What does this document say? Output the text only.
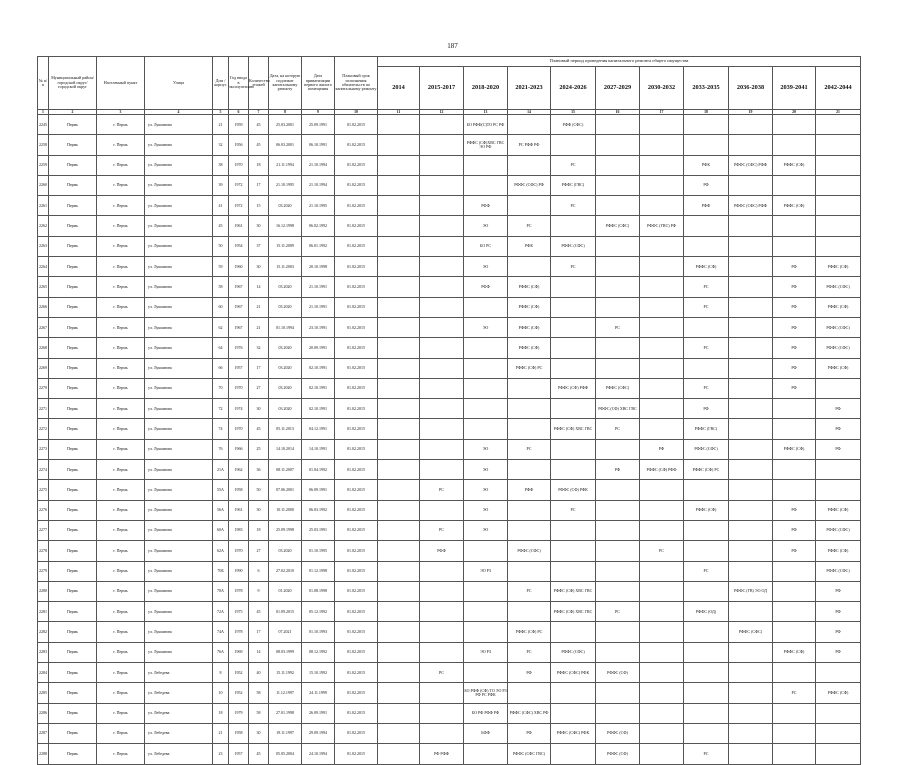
187
№ п/п	Муниципальный район/городской округ/городской округ	Населенный пункт	Улица	Дом / корпус	Год ввода в эксплуатацию	Количество этажей	Дата, на которую подлежит капитальному ремонту	Дата приватизации первого жилого помещения	Плановый срок исполнения обязательств по капитальному ремонту	Плановый период проведения капитального ремонта общего имущества										
										2014	2015-2017	2018-2020	2021-2023	2024-2026	2027-2029	2030-2032	2033-2035	2036-2038	2039-2041	2042-2044
1	2	3	4	5	6	7	8	9	10	11	12	13	14	15	16	17	18	19	20	21
2245	Пермь	г. Пермь	ул. Лукоянова	21	1959	45	25.03.2001	25.09.1991	01.02.2015			БО РФФ(С)ТО РС РФ		РФФ (СФС)						
2258	Пермь	г. Пермь	ул. Лукоянова	32	1956	45	06.03.2001	06.10.1991	01.02.2015			РФФС (СФ)ХВС ГВС ЭО РФ	РС РФФ РФ							
2259	Пермь	г. Пермь	ул. Лукоянова	38	1970	18	21.11.1994	21.10.1994	01.02.2015					РС			РФК	РФФС (СФС) РФФ	РФФС (СФ)	
2260	Пермь	г. Пермь	ул. Лукоянова	39	1972	17	21.10.1995	21.10.1994	01.02.2015				РФФС (СФС) РФ	РФФС (ГВС)			РФ			
2261	Пермь	г. Пермь	ул. Лукоянова	41	1972	15	03.2020	21.10.1995	01.02.2015			РФФ		РС			РФФ	РФФС (СФС) РФФ	РФФС (СФ)	
2262	Пермь	г. Пермь	ул. Лукоянова	45	1961	30	16.12.1998	06.02.1992	01.02.2015			ЭО	РС		РФФС (СФС)	РФФС (ГВС) РФ				
2263	Пермь	г. Пермь	ул. Лукоянова	50	1954	37	15.11.2009	06.01.1992	01.02.2015			БО РС	РФК	РФФС (СФС)						
2264	Пермь	г. Пермь	ул. Лукоянова	59	1960	30	15.11.2003	20.10.1998	01.02.2015			ЭО		РС			РФФС (СФ)		РФ	РФФС (СФ)
2265	Пермь	г. Пермь	ул. Лукоянова	58	1967	14	03.2020	21.10.1991	01.02.2015			РФФ	РФФС (СФ)				РС		РФ	РФФС (СФС)
2266	Пермь	г. Пермь	ул. Лукоянова	60	1967	21	03.2020	21.10.1991	01.02.2015				РФФС (СФ)				РС		РФ	РФФС (СФ)
2267	Пермь	г. Пермь	ул. Лукоянова	62	1967	21	01.10.1994	23.10.1991	01.02.2015			ЭО	РФФС (СФ)		РС				РФ	РФФС (СФС)
2268	Пермь	г. Пермь	ул. Лукоянова	64	1976	32	03.2020	20.09.1991	01.02.2015				РФФС (СФ)				РС		РФ	РФФС (СФС)
2269	Пермь	г. Пермь	ул. Лукоянова	66	1957	17	03.2020	02.10.1991	01.02.2015				РФФС (СФ) РС						РФ	РФФС (СФ)
2270	Пермь	г. Пермь	ул. Лукоянова	70	1970	27	03.2020	02.10.1991	01.02.2015					РФФС (СФ) РФФ	РФФС (СФС)		РС		РФ	
2271	Пермь	г. Пермь	ул. Лукоянова	72	1974	30	03.2020	02.10.1991	01.02.2015						РФФС (СФ) ХВС ГВС		РФ			РФ
2272	Пермь	г. Пермь	ул. Лукоянова	74	1970	45	05.11.2013	04.12.1991	01.02.2015					РФФС (СФ) ХВС ГВС	РС		РФФС (ГВС)			РФ
2273	Пермь	г. Пермь	ул. Лукоянова	76	1966	25	14.10.2014	14.10.1991	01.02.2015			ЭО	РС			РФ	РФФС (СФС)		РФФС (СФ)	РФ
2274	Пермь	г. Пермь	ул. Лукоянова	21А	1962	36	08.11.2007	01.04.1992	01.02.2015			ЭО			РФ	РФФС (СФ) РФФ	РФФС (СФ) РС			
2275	Пермь	г. Пермь	ул. Лукоянова	55А	1958	50	07.06.2001	06.09.1991	01.02.2015		РС	ЭО	РФФ	РФФС (СФ) РФК						
2276	Пермь	г. Пермь	ул. Лукоянова	56А	1961	30	10.11.2000	06.03.1992	01.02.2015			ЭО		РС			РФФС (СФ)		РФ	РФФС (СФ)
2277	Пермь	г. Пермь	ул. Лукоянова	60А	1983	18	25.09.1998	25.03.1991	01.02.2015		РС	ЭО							РФ	РФФС (СФС)
2278	Пермь	г. Пермь	ул. Лукоянова	62А	1970	27	03.2020	01.10.1995	01.02.2015		РФФ		РФФС (СФС)			РС			РФ	РФФС (СФ)
2279	Пермь	г. Пермь	ул. Лукоянова	70Б	1990	6	27.02.2010	01.12.1998	01.02.2015			ЭО РЗ					РС			РФФС (СФС)
2280	Пермь	г. Пермь	ул. Лукоянова	70А	1978	9	01.2020	01.08.1998	01.02.2015				РС	РФФС (СФ) ХВС ГВС				РФФС (ГВ) ЭО ОД		РФ
2281	Пермь	г. Пермь	ул. Лукоянова	72А	1975	45	01.09.2015	05.12.1992	01.02.2015					РФФС (СФ) ХВС ГВС	РС		РФФС (ОД)			РФ
2282	Пермь	г. Пермь	ул. Лукоянова	74А	1978	17	07.2021	01.10.1993	01.02.2015				РФФС (СФ) РС					РФФС (СФС)		РФ
2283	Пермь	г. Пермь	ул. Лукоянова	76А	1969	14	08.03.1999	08.12.1992	01.02.2015			ЭО РЗ	РС	РФФС (СФС)					РФФС (СФ)	РФ
2284	Пермь	г. Пермь	ул. Лебедева	8	1952	40	15.11.1992	15.10.1992	01.02.2015		РС		РФ	РФФС (СФС) РФК	РФФС (СФ)					
2285	Пермь	г. Пермь	ул. Лебедева	10	1952	58	11.12.1997	24.11.1999	01.02.2015			БО РФФ (СФ) ТО ЭО РЗ РФ РС РФК							РС	РФФС (СФ)
2286	Пермь	г. Пермь	ул. Лебедева	18	1979	58	27.01.1998	26.09.1991	01.02.2015			БО РФ РФФ РФ	РФФС (СФС) ХВС РФ							
2287	Пермь	г. Пермь	ул. Лебедева	21	1958	30	19.11.1997	29.09.1994	01.02.2015			БФФ	РФ	РФФС (СФС) РФК	РФФС (СФ)					
2288	Пермь	г. Пермь	ул. Лебедева	23	1957	45	05.05.2004	24.10.1994	01.02.2015		РФ РФФ		РФФС (СФС ГВС)		РФФС (СФ)		РС			
